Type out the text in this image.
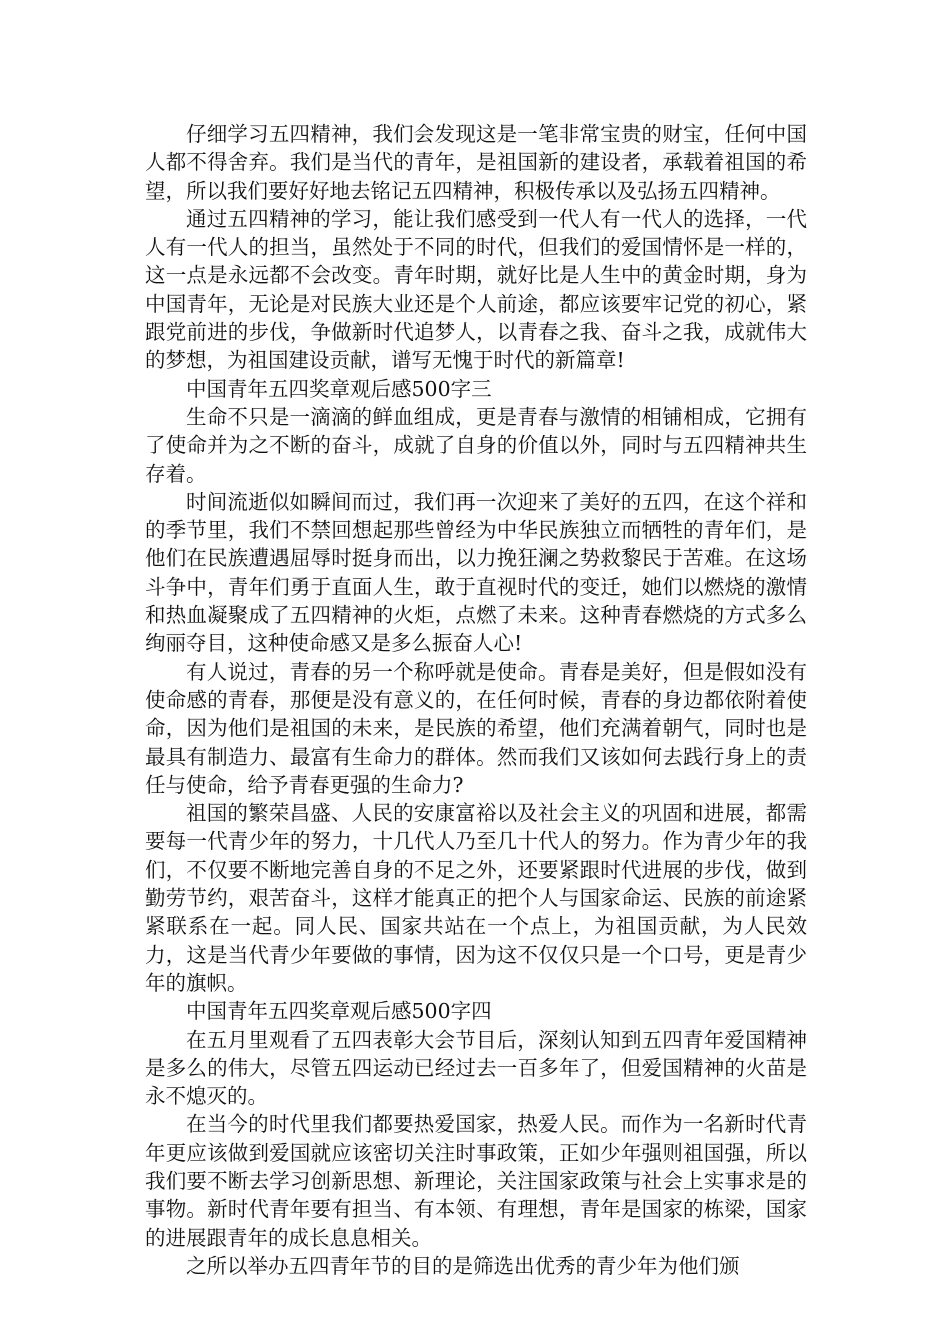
仔细学习五四精神，我们会发现这是一笔非常宝贵的财宝，任何中国人都不得舍弃。我们是当代的青年，是祖国新的建设者，承载着祖国的希望，所以我们要好好地去铭记五四精神，积极传承以及弘扬五四精神。

通过五四精神的学习，能让我们感受到一代人有一代人的选择，一代人有一代人的担当，虽然处于不同的时代，但我们的爱国情怀是一样的，这一点是永远都不会改变。青年时期，就好比是人生中的黄金时期，身为中国青年，无论是对民族大业还是个人前途，都应该要牢记党的初心，紧跟党前进的步伐，争做新时代追梦人，以青春之我、奋斗之我，成就伟大的梦想，为祖国建设贡献，谱写无愧于时代的新篇章!

中国青年五四奖章观后感500字三

生命不只是一滴滴的鲜血组成，更是青春与激情的相铺相成，它拥有了使命并为之不断的奋斗，成就了自身的价值以外，同时与五四精神共生存着。

时间流逝似如瞬间而过，我们再一次迎来了美好的五四，在这个祥和的季节里，我们不禁回想起那些曾经为中华民族独立而牺牲的青年们，是他们在民族遭遇屈辱时挺身而出，以力挽狂澜之势救黎民于苦难。在这场斗争中，青年们勇于直面人生，敢于直视时代的变迁，她们以燃烧的激情和热血凝聚成了五四精神的火炬，点燃了未来。这种青春燃烧的方式多么绚丽夺目，这种使命感又是多么振奋人心!

有人说过，青春的另一个称呼就是使命。青春是美好，但是假如没有使命感的青春，那便是没有意义的，在任何时候，青春的身边都依附着使命，因为他们是祖国的未来，是民族的希望，他们充满着朝气，同时也是最具有制造力、最富有生命力的群体。然而我们又该如何去践行身上的责任与使命，给予青春更强的生命力?

祖国的繁荣昌盛、人民的安康富裕以及社会主义的巩固和进展，都需要每一代青少年的努力，十几代人乃至几十代人的努力。作为青少年的我们，不仅要不断地完善自身的不足之外，还要紧跟时代进展的步伐，做到勤劳节约，艰苦奋斗，这样才能真正的把个人与国家命运、民族的前途紧紧联系在一起。同人民、国家共站在一个点上，为祖国贡献，为人民效力，这是当代青少年要做的事情，因为这不仅仅只是一个口号，更是青少年的旗帜。

中国青年五四奖章观后感500字四

在五月里观看了五四表彰大会节目后，深刻认知到五四青年爱国精神是多么的伟大，尽管五四运动已经过去一百多年了，但爱国精神的火苗是永不熄灭的。

在当今的时代里我们都要热爱国家，热爱人民。而作为一名新时代青年更应该做到爱国就应该密切关注时事政策，正如少年强则祖国强，所以我们要不断去学习创新思想、新理论，关注国家政策与社会上实事求是的事物。新时代青年要有担当、有本领、有理想，青年是国家的栋梁，国家的进展跟青年的成长息息相关。

之所以举办五四青年节的目的是筛选出优秀的青少年为他们颁
